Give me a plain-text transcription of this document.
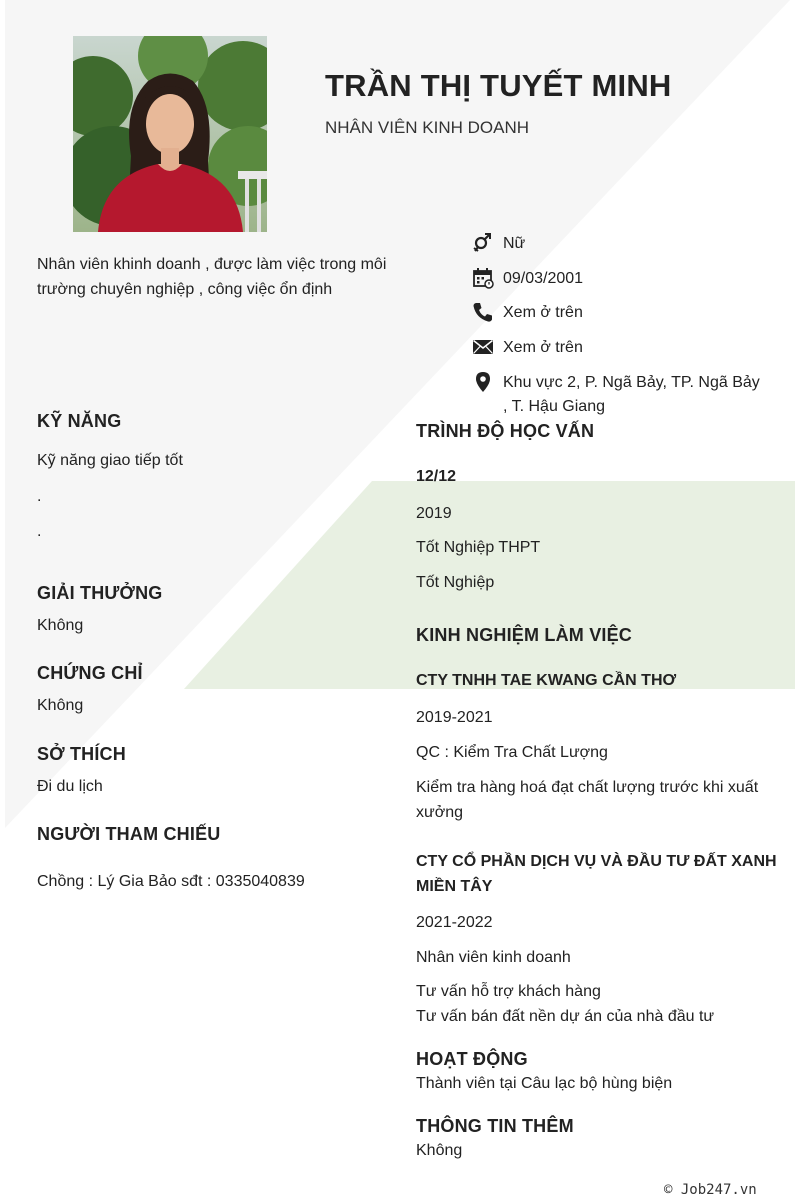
TRẦN THỊ TUYẾT MINH
NHÂN VIÊN KINH DOANH
Nhân viên khinh doanh , được làm việc trong môi trường chuyên nghiệp , công việc ổn định
Nữ
09/03/2001
Xem ở trên
Xem ở trên
Khu vực 2, P. Ngã Bảy, TP. Ngã Bảy , T. Hậu Giang
KỸ NĂNG
Kỹ năng giao tiếp tốt
.
.
GIẢI THƯỞNG
Không
CHỨNG CHỈ
Không
SỞ THÍCH
Đi du lịch
NGƯỜI THAM CHIẾU
Chồng : Lý Gia Bảo sđt : 0335040839
TRÌNH ĐỘ HỌC VẤN
12/12
2019
Tốt Nghiệp THPT
Tốt Nghiệp
KINH NGHIỆM LÀM VIỆC
CTY TNHH TAE KWANG CẦN THƠ
2019-2021
QC : Kiểm Tra Chất Lượng
Kiểm tra hàng hoá đạt chất lượng trước khi xuất xưởng
CTY CỔ PHẦN DỊCH VỤ VÀ ĐẦU TƯ ĐẤT XANH MIỀN TÂY
2021-2022
Nhân viên kinh doanh
Tư vấn hỗ trợ khách hàng
Tư vấn bán đất nền dự án của nhà đầu tư
HOẠT ĐỘNG
Thành viên tại Câu lạc bộ hùng biện
THÔNG TIN THÊM
Không
© Job247.vn
